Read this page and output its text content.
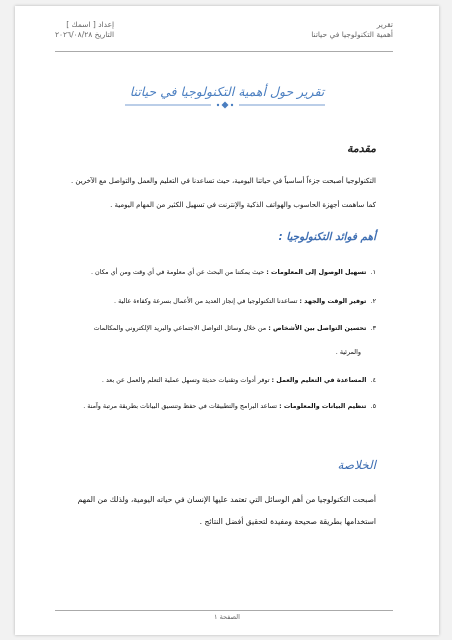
تقرير
أهمية التكنولوجيا في حياتنا
إعداد [ اسمك ]
التاريخ ٢٠٢٦/٠٨/٢٨
تقرير حول أهمية التكنولوجيا في حياتنا
مقدمة
التكنولوجيا أصبحت جزءاً أساسياً في حياتنا اليومية، حيث تساعدنا في التعليم والعمل والتواصل مع الآخرين .
كما ساهمت أجهزة الحاسوب والهواتف الذكية والإنترنت في تسهيل الكثير من المهام اليومية .
أهم فوائد التكنولوجيا :
١.  تسهيل الوصول إلى المعلومات : حيث يمكننا من البحث عن أي معلومة في أي وقت ومن أي مكان .
٢.  توفير الوقت والجهد : تساعدنا التكنولوجيا في إنجاز العديد من الأعمال بسرعة وكفاءة عالية .
٣.  تحسين التواصل بين الأشخاص : من خلال وسائل التواصل الاجتماعي والبريد الإلكتروني والمكالمات
والمرئية .
٤.  المساعدة في التعليم والعمل : توفر أدوات وتقنيات حديثة وتسهل عملية التعلم والعمل عن بعد .
٥.  تنظيم البيانات والمعلومات : تساعد البرامج والتطبيقات في حفظ وتنسيق البيانات بطريقة مرتبة وآمنة .
الخلاصة
أصبحت التكنولوجيا من أهم الوسائل التي تعتمد عليها الإنسان في حياته اليومية، ولذلك من المهم
استخدامها بطريقة صحيحة ومفيدة لتحقيق أفضل النتائج .
الصفحة ١
